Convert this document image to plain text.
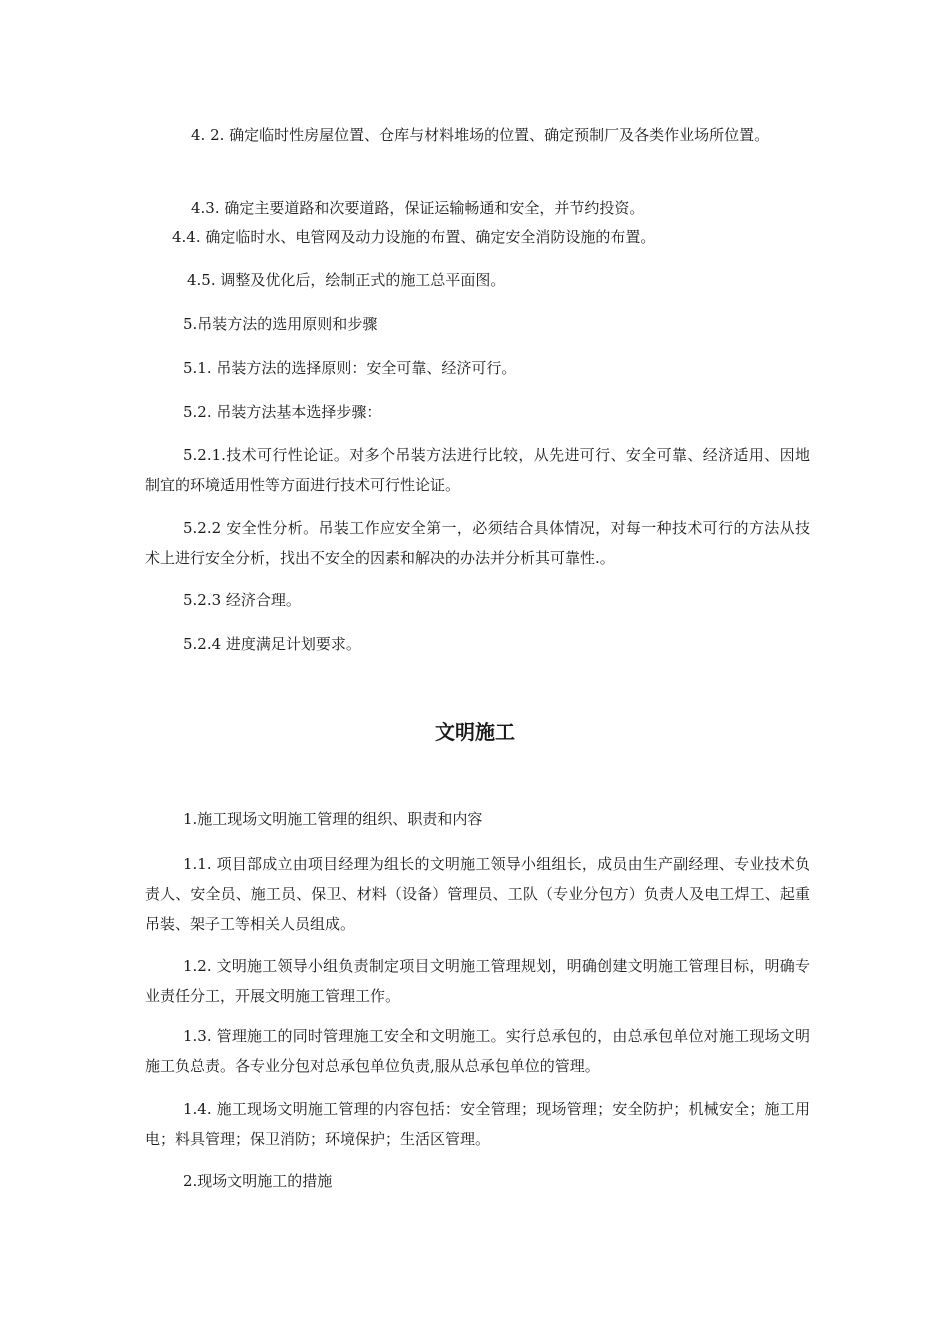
4. 2. 确定临时性房屋位置、仓库与材料堆场的位置、确定预制厂及各类作业场所位置。

4.3. 确定主要道路和次要道路，保证运输畅通和安全，并节约投资。

4.4. 确定临时水、电管网及动力设施的布置、确定安全消防设施的布置。

4.5. 调整及优化后，绘制正式的施工总平面图。

5.吊装方法的选用原则和步骤

5.1. 吊装方法的选择原则：安全可靠、经济可行。

5.2. 吊装方法基本选择步骤：

5.2.1.技术可行性论证。对多个吊装方法进行比较，从先进可行、安全可靠、经济适用、因地制宜的环境适用性等方面进行技术可行性论证。

5.2.2 安全性分析。吊装工作应安全第一，必须结合具体情况，对每一种技术可行的方法从技术上进行安全分析，找出不安全的因素和解决的办法并分析其可靠性.。

5.2.3 经济合理。

5.2.4 进度满足计划要求。

文明施工

1.施工现场文明施工管理的组织、职责和内容

1.1. 项目部成立由项目经理为组长的文明施工领导小组组长，成员由生产副经理、专业技术负责人、安全员、施工员、保卫、材料（设备）管理员、工队（专业分包方）负责人及电工焊工、起重吊装、架子工等相关人员组成。

1.2. 文明施工领导小组负责制定项目文明施工管理规划，明确创建文明施工管理目标，明确专业责任分工，开展文明施工管理工作。

1.3. 管理施工的同时管理施工安全和文明施工。实行总承包的，由总承包单位对施工现场文明施工负总责。各专业分包对总承包单位负责,服从总承包单位的管理。

1.4. 施工现场文明施工管理的内容包括：安全管理；现场管理；安全防护；机械安全；施工用电；料具管理；保卫消防；环境保护；生活区管理。

2.现场文明施工的措施
